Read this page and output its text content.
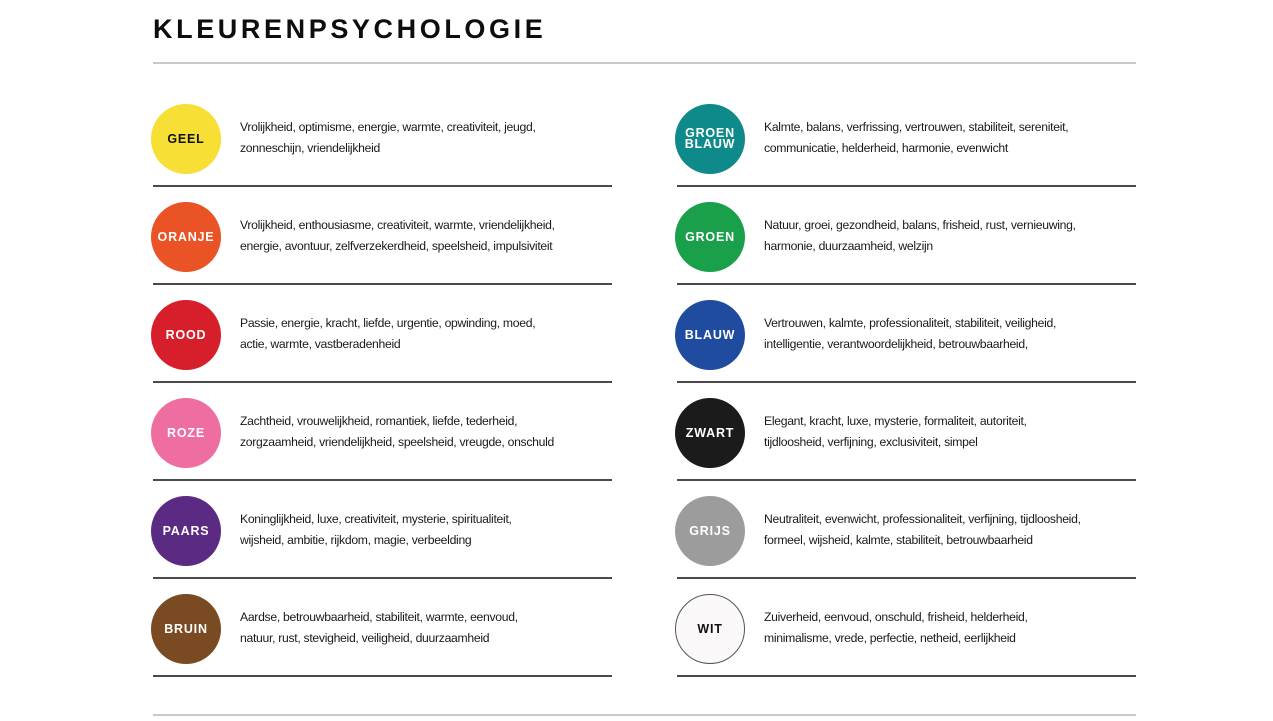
KLEURENPSYCHOLOGIE
GEEL
Vrolijkheid, optimisme, energie, warmte, creativiteit, jeugd,
zonneschijn, vriendelijkheid
ORANJE
Vrolijkheid, enthousiasme, creativiteit, warmte, vriendelijkheid,
energie, avontuur, zelfverzekerdheid, speelsheid, impulsiviteit
ROOD
Passie, energie, kracht, liefde, urgentie, opwinding, moed,
actie, warmte, vastberadenheid
ROZE
Zachtheid, vrouwelijkheid, romantiek, liefde, tederheid,
zorgzaamheid, vriendelijkheid, speelsheid, vreugde, onschuld
PAARS
Koninglijkheid, luxe, creativiteit, mysterie, spiritualiteit,
wijsheid, ambitie, rijkdom, magie, verbeelding
BRUIN
Aardse, betrouwbaarheid, stabiliteit, warmte, eenvoud,
natuur, rust, stevigheid, veiligheid, duurzaamheid
GROEN
BLAUW
Kalmte, balans, verfrissing, vertrouwen, stabiliteit, sereniteit,
communicatie, helderheid, harmonie, evenwicht
GROEN
Natuur, groei, gezondheid, balans, frisheid, rust, vernieuwing,
harmonie, duurzaamheid, welzijn
BLAUW
Vertrouwen, kalmte, professionaliteit, stabiliteit, veiligheid,
intelligentie, verantwoordelijkheid, betrouwbaarheid,
ZWART
Elegant, kracht, luxe, mysterie, formaliteit, autoriteit,
tijdloosheid, verfijning, exclusiviteit, simpel
GRIJS
Neutraliteit, evenwicht, professionaliteit, verfijning, tijdloosheid,
formeel, wijsheid, kalmte, stabiliteit, betrouwbaarheid
WIT
Zuiverheid, eenvoud, onschuld, frisheid, helderheid,
minimalisme, vrede, perfectie, netheid, eerlijkheid
